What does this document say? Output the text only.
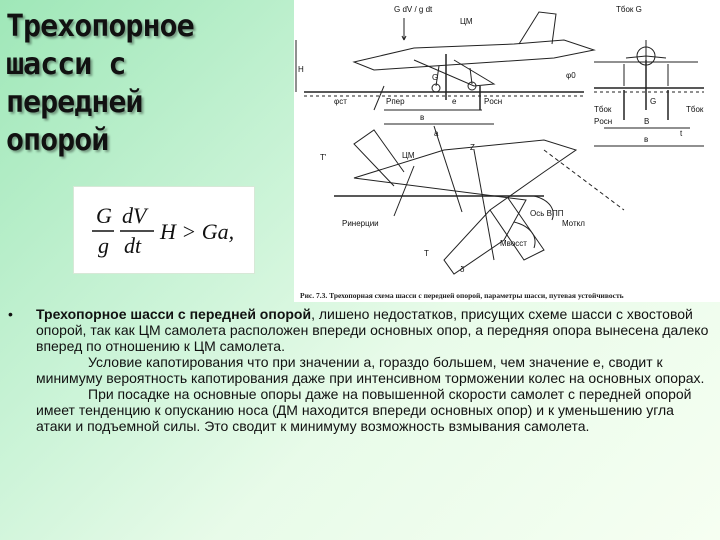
Трехопорное
шасси с
передней
опорой
G
g
dV
dt
H > Ga,
G dV / g dt
ЦМ
H
φст	Pпер	Pосн
е
а
в
G	φ0
Tбок G
Tбок	Tбок
Pосн
G
В
в
T'	ЦМ
Z
Ось ВПП
Pинерции	Mоткл
Mвосст
T
δ
t
Рис. 7.3. Трехопорная схема шасси с передней опорой, параметры шасси, путевая устойчивость
•	Трехопорное шасси с передней опорой, лишено недостатков, присущих схеме шасси с хвостовой опорой, так как ЦМ самолета расположен впереди основных опор, а передняя опора вынесена далеко вперед по отношению к ЦМ самолета.
Условие капотирования что при значении а, гораздо большем, чем значение е, сводит к минимуму вероятность капотирования даже при интенсивном торможении колес на основных опорах.
При посадке на основные опоры даже на повышенной скорости самолет с передней опорой имеет тенденцию к опусканию носа (ДМ находится впереди основных опор) и к уменьшению угла атаки и подъемной силы. Это сводит к минимуму возможность взмывания самолета.
